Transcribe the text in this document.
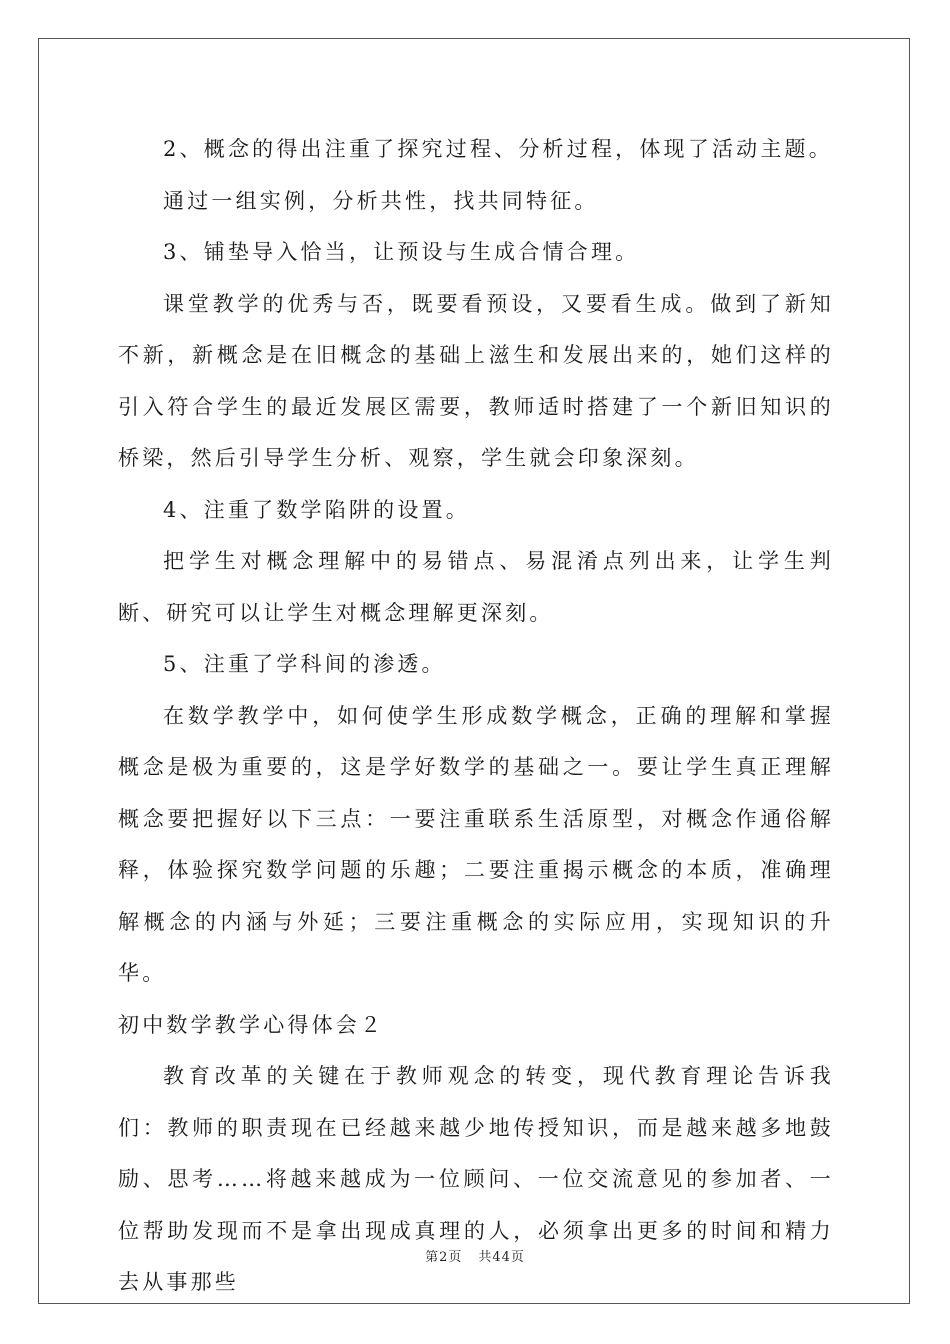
2、概念的得出注重了探究过程、分析过程，体现了活动主题。

通过一组实例，分析共性，找共同特征。

3、铺垫导入恰当，让预设与生成合情合理。

课堂教学的优秀与否，既要看预设，又要看生成。做到了新知不新，新概念是在旧概念的基础上滋生和发展出来的，她们这样的引入符合学生的最近发展区需要，教师适时搭建了一个新旧知识的桥梁，然后引导学生分析、观察，学生就会印象深刻。

4、注重了数学陷阱的设置。

把学生对概念理解中的易错点、易混淆点列出来，让学生判断、研究可以让学生对概念理解更深刻。

5、注重了学科间的渗透。

在数学教学中，如何使学生形成数学概念，正确的理解和掌握概念是极为重要的，这是学好数学的基础之一。要让学生真正理解概念要把握好以下三点：一要注重联系生活原型，对概念作通俗解释，体验探究数学问题的乐趣；二要注重揭示概念的本质，准确理解概念的内涵与外延；三要注重概念的实际应用，实现知识的升华。

初中数学教学心得体会２

教育改革的关键在于教师观念的转变，现代教育理论告诉我们：教师的职责现在已经越来越少地传授知识，而是越来越多地鼓励、思考……将越来越成为一位顾问、一位交流意见的参加者、一位帮助发现而不是拿出现成真理的人，必须拿出更多的时间和精力去从事那些

第2页 共44页
